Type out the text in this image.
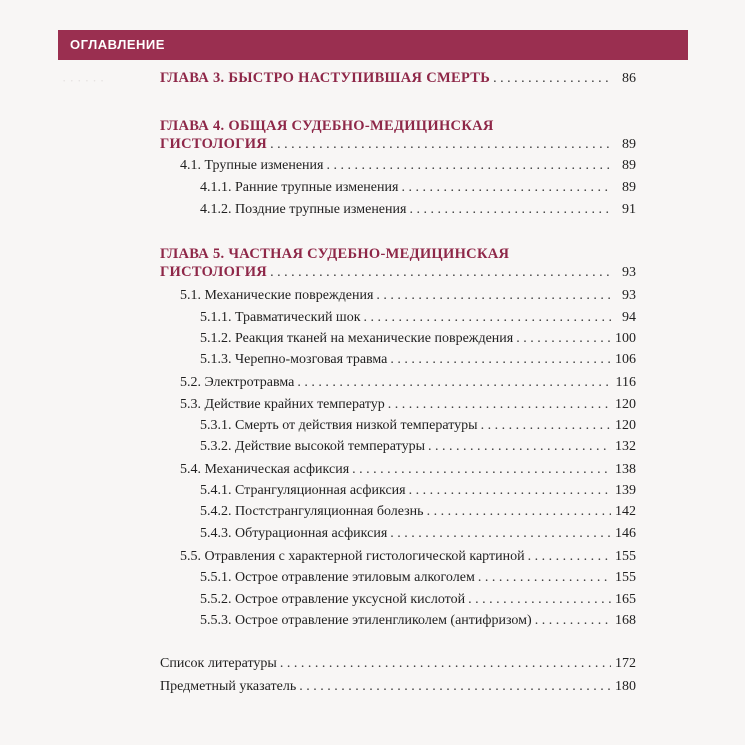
· · · · · ·
ОГЛАВЛЕНИЕ
ГЛАВА 3. БЫСТРО НАСТУПИВШАЯ СМЕРТЬ . . .	86
ГЛАВА 4. ОБЩАЯ СУДЕБНО-МЕДИЦИНСКАЯ
ГИСТОЛОГИЯ . . .	89
4.1. Трупные изменения . . .	89
4.1.1. Ранние трупные изменения . . .	89
4.1.2. Поздние трупные изменения . . .	91
ГЛАВА 5. ЧАСТНАЯ СУДЕБНО-МЕДИЦИНСКАЯ
ГИСТОЛОГИЯ . . .	93
5.1. Механические повреждения . . .	93
5.1.1. Травматический шок . . .	94
5.1.2. Реакция тканей на механические повреждения . . .	100
5.1.3. Черепно-мозговая травма . . .	106
5.2. Электротравма . . .	116
5.3. Действие крайних температур . . .	120
5.3.1. Смерть от действия низкой температуры . . .	120
5.3.2. Действие высокой температуры . . .	132
5.4. Механическая асфиксия . . .	138
5.4.1. Странгуляционная асфиксия . . .	139
5.4.2. Постстрангуляционная болезнь . . .	142
5.4.3. Обтурационная асфиксия . . .	146
5.5. Отравления с характерной гистологической картиной . . .	155
5.5.1. Острое отравление этиловым алкоголем . . .	155
5.5.2. Острое отравление уксусной кислотой . . .	165
5.5.3. Острое отравление этиленгликолем (антифризом) . . .	168
Список литературы . . .	172
Предметный указатель . . .	180
